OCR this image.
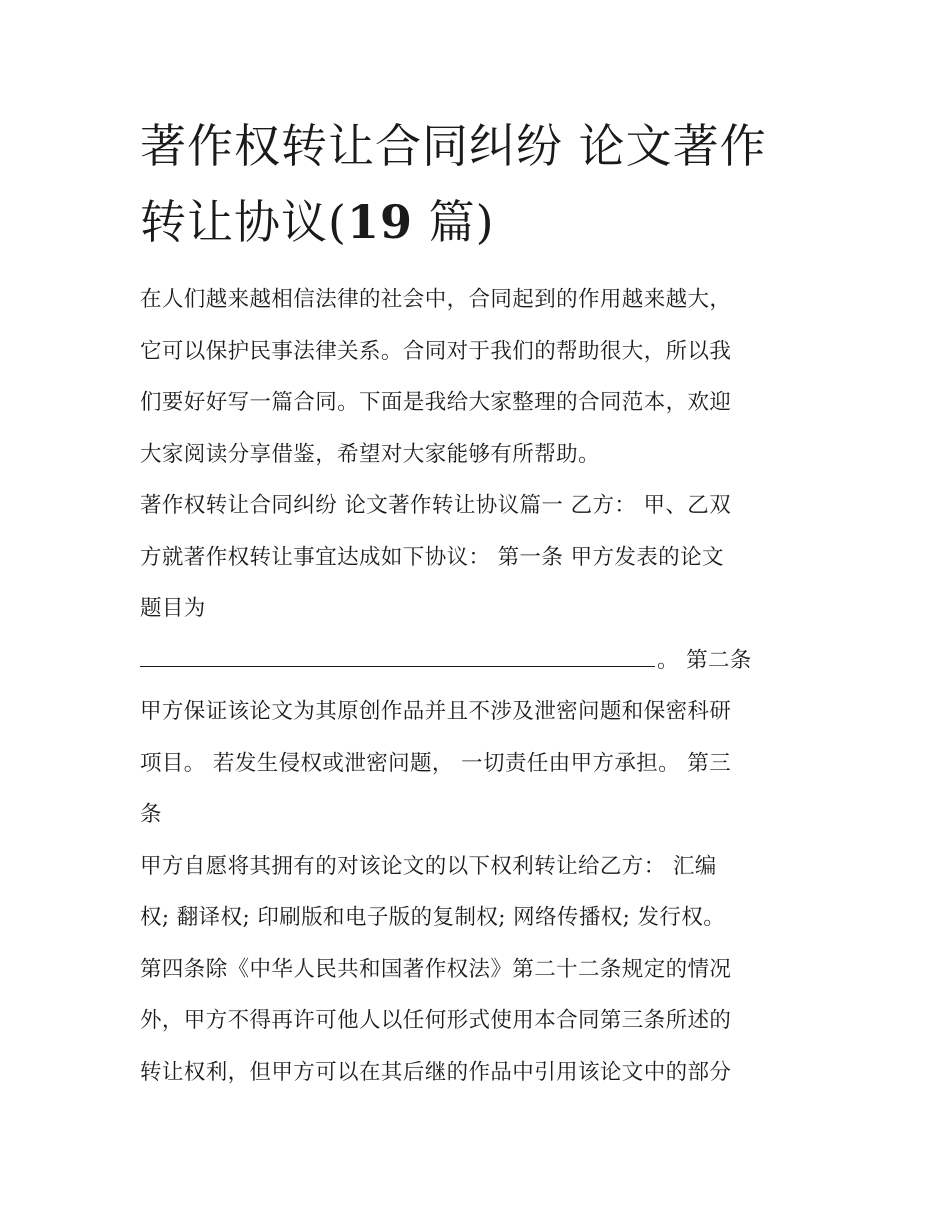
著作权转让合同纠纷 论文著作
转让协议(19 篇)

在人们越来越相信法律的社会中，合同起到的作用越来越大，
它可以保护民事法律关系。合同对于我们的帮助很大，所以我
们要好好写一篇合同。下面是我给大家整理的合同范本，欢迎
大家阅读分享借鉴，希望对大家能够有所帮助。

著作权转让合同纠纷 论文著作转让协议篇一 乙方： 甲、乙双
方就著作权转让事宜达成如下协议： 第一条 甲方发表的论文
题目为

。 第二条

甲方保证该论文为其原创作品并且不涉及泄密问题和保密科研
项目。 若发生侵权或泄密问题， 一切责任由甲方承担。 第三
条

甲方自愿将其拥有的对该论文的以下权利转让给乙方： 汇编
权; 翻译权; 印刷版和电子版的复制权; 网络传播权; 发行权。

第四条除《中华人民共和国著作权法》第二十二条规定的情况
外，甲方不得再许可他人以任何形式使用本合同第三条所述的
转让权利，但甲方可以在其后继的作品中引用该论文中的部分
